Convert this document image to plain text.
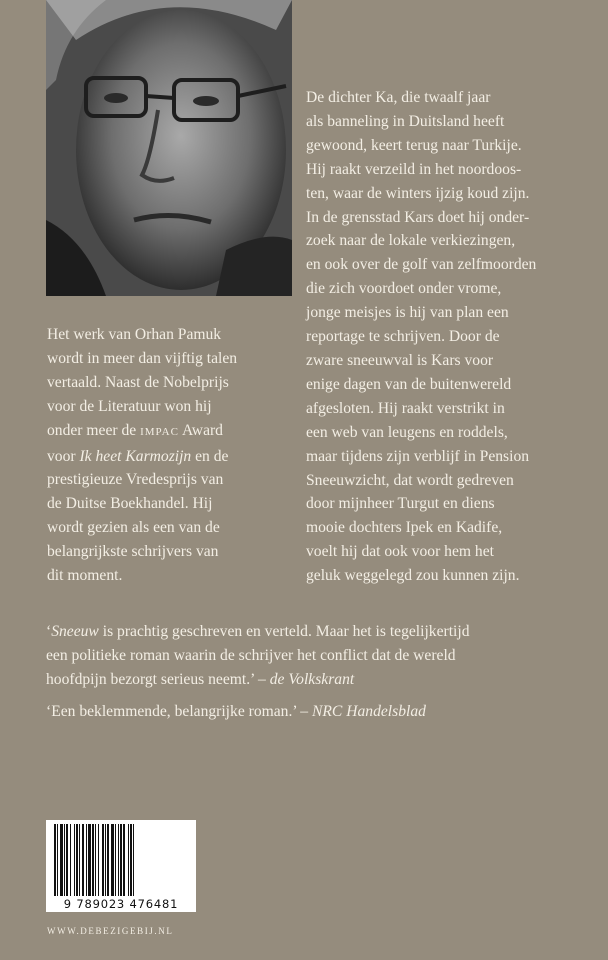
De dichter Ka, die twaalf jaar

als banneling in Duitsland heeft

gewoond, keert terug naar Turkije.

Hij raakt verzeild in het noordoos-

ten, waar de winters ijzig koud zijn.

In de grensstad Kars doet hij onder-

zoek naar de lokale verkiezingen,

en ook over de golf van zelfmoorden

die zich voordoet onder vrome,

jonge meisjes is hij van plan een

reportage te schrijven. Door de

zware sneeuwval is Kars voor

enige dagen van de buitenwereld

afgesloten. Hij raakt verstrikt in

een web van leugens en roddels,

maar tijdens zijn verblijf in Pension

Sneeuwzicht, dat wordt gedreven

door mijnheer Turgut en diens

mooie dochters Ipek en Kadife,

voelt hij dat ook voor hem het

geluk weggelegd zou kunnen zijn.

Het werk van Orhan Pamuk

wordt in meer dan vijftig talen

vertaald. Naast de Nobelprijs

voor de Literatuur won hij

onder meer de IMPAC Award

voor Ik heet Karmozijn en de

prestigieuze Vredesprijs van

de Duitse Boekhandel. Hij

wordt gezien als een van de

belangrijkste schrijvers van

dit moment.

‘Sneeuw is prachtig geschreven en verteld. Maar het is tegelijkertijd

een politieke roman waarin de schrijver het conflict dat de wereld

hoofdpijn bezorgt serieus neemt.’ – de Volkskrant

‘Een beklemmende, belangrijke roman.’ – NRC Handelsblad
9 789023 476481
WWW.DEBEZIGEBIJ.NL
